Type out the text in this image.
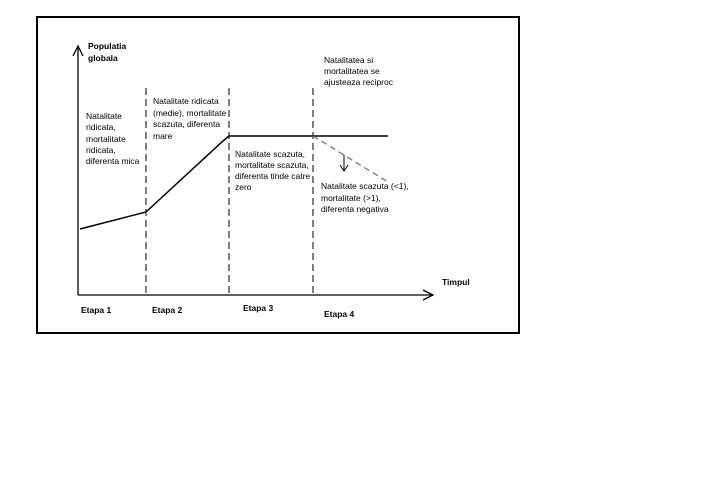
Populatia
globala
Timpul
Etapa 1	Etapa 2	Etapa 3
Etapa 4
Natalitate
ridicata,
mortalitate
ridicata,
diferenta mica
Natalitate ridicata
(medie), mortalitate
scazuta, diferenta
mare
Natalitate scazuta,
mortalitate scazuta,
diferenta tinde catre
zero
Natalitatea si
mortalitatea se
ajusteaza reciproc
Natalitate scazuta (<1),
mortalitate (>1),
diferenta negativa
